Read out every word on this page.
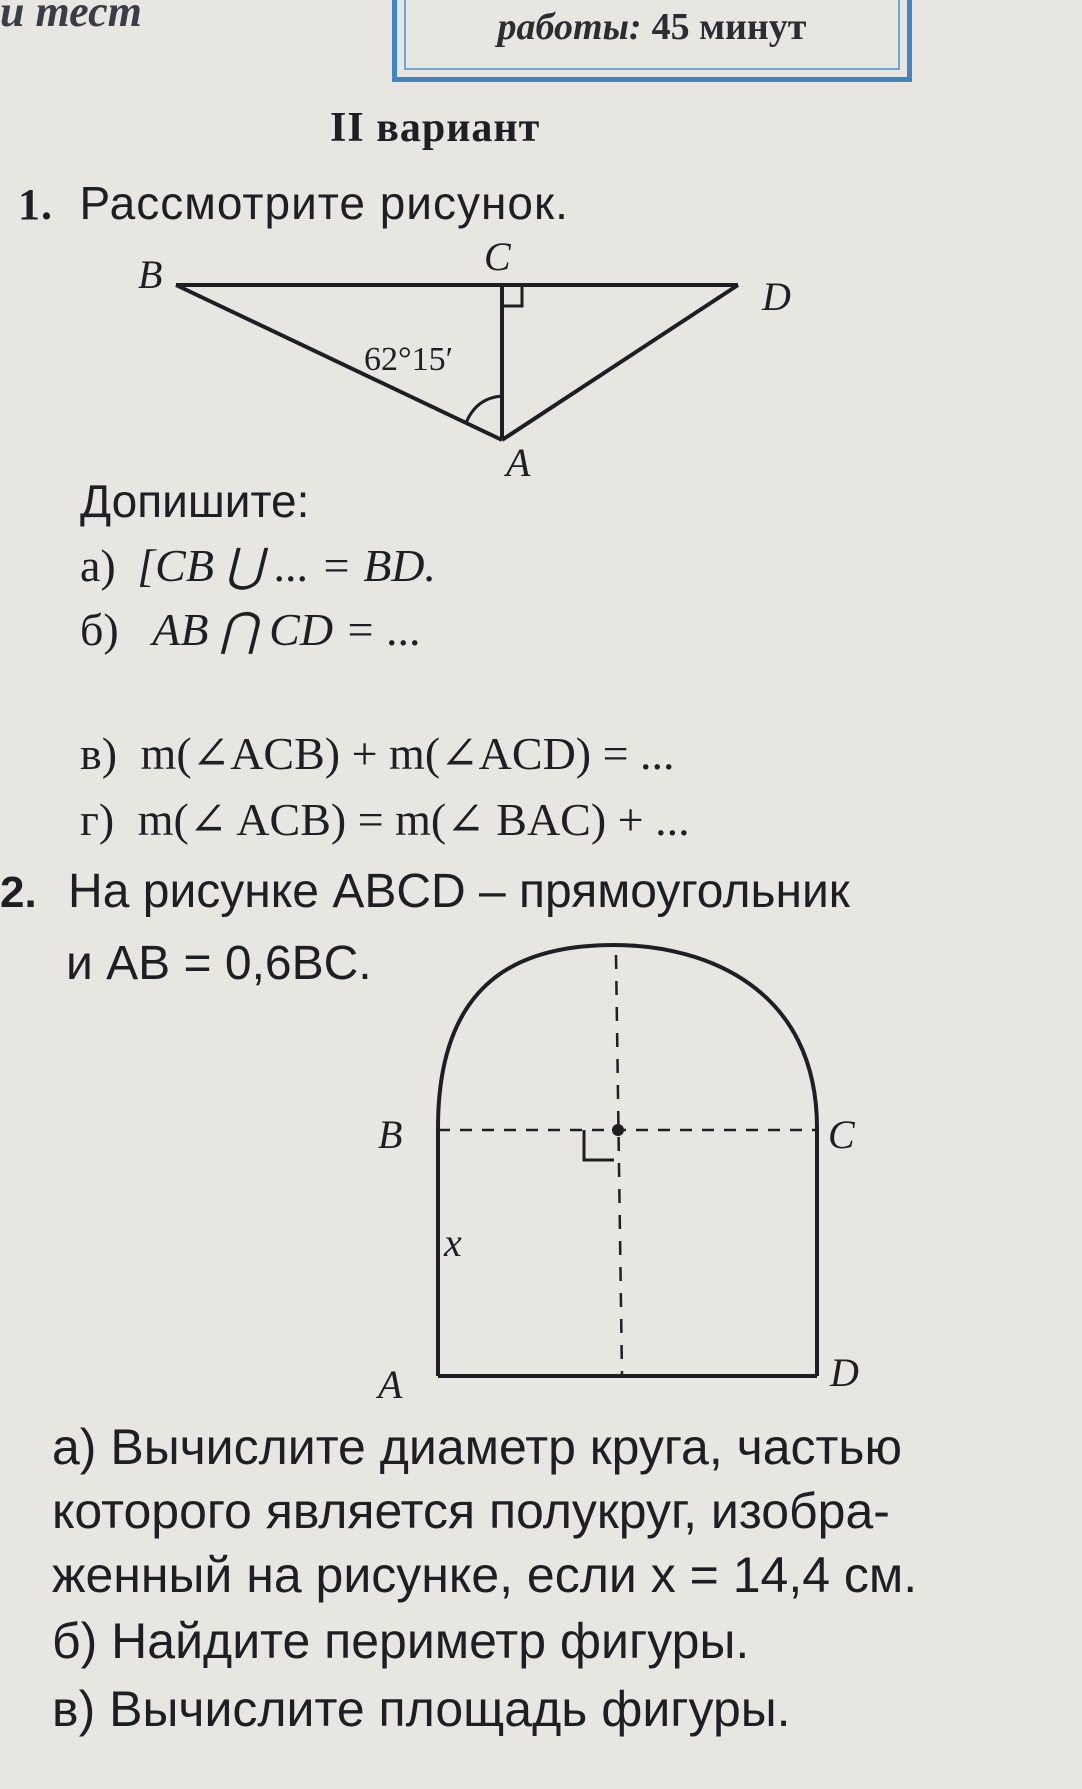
и тест	работы: 45 минут
II вариант
1. Рассмотрите рисунок.
B	C
D
A
62°15′
Допишите:
а) [CB ⋃ ... = BD.
б) AB ⋂ CD = ...
в) m(∠ACB) + m(∠ACD) = ...
г) m(∠ ACB) = m(∠ BAC) + ...
2. На рисунке ABCD – прямоугольник
и AB = 0,6BC.
B	C
A	D
x
а) Вычислите диаметр круга, частью
которого является полукруг, изобра-
женный на рисунке, если x = 14,4 см.
б) Найдите периметр фигуры.
в) Вычислите площадь фигуры.
